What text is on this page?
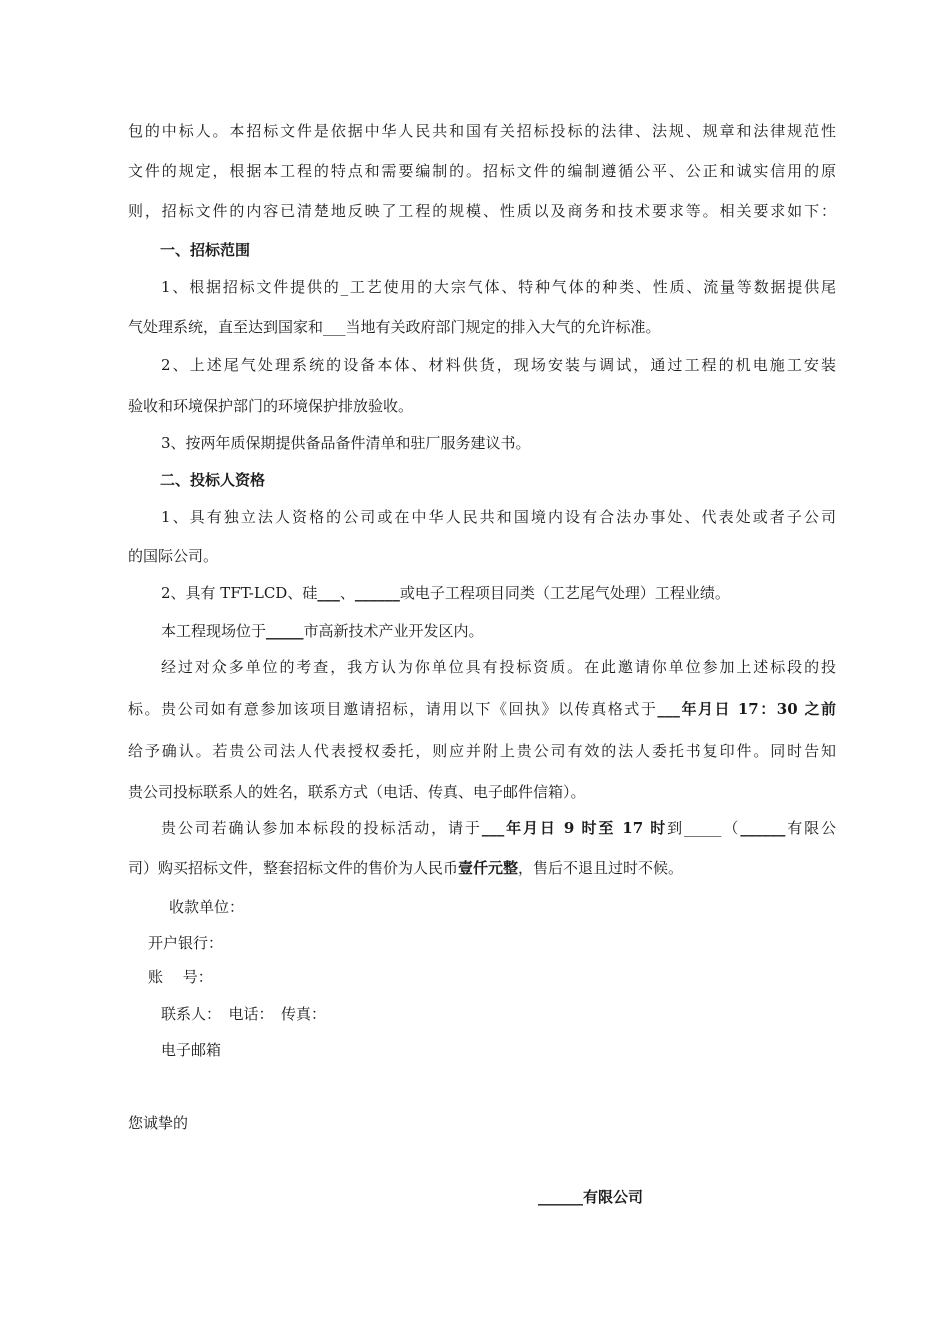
包的中标人。本招标文件是依据中华人民共和国有关招标投标的法律、法规、规章和法律规范性
文件的规定，根据本工程的特点和需要编制的。招标文件的编制遵循公平、公正和诚实信用的原
则，招标文件的内容已清楚地反映了工程的规模、性质以及商务和技术要求等。相关要求如下：
一、招标范围
1、根据招标文件提供的_工艺使用的大宗气体、特种气体的种类、性质、流量等数据提供尾
气处理系统，直至达到国家和___当地有关政府部门规定的排入大气的允许标准。
2、上述尾气处理系统的设备本体、材料供货，现场安装与调试，通过工程的机电施工安装
验收和环境保护部门的环境保护排放验收。
3、按两年质保期提供备品备件清单和驻厂服务建议书。
二、投标人资格
1、具有独立法人资格的公司或在中华人民共和国境内设有合法办事处、代表处或者子公司
的国际公司。
2、具有 TFT-LCD、硅___、______或电子工程项目同类（工艺尾气处理）工程业绩。
本工程现场位于_____市高新技术产业开发区内。
经过对众多单位的考查，我方认为你单位具有投标资质。在此邀请你单位参加上述标段的投
标。贵公司如有意参加该项目邀请招标，请用以下《回执》以传真格式于___年月日 17：30 之前
给予确认。若贵公司法人代表授权委托，则应并附上贵公司有效的法人委托书复印件。同时告知
贵公司投标联系人的姓名，联系方式（电话、传真、电子邮件信箱）。
贵公司若确认参加本标段的投标活动，请于___年月日 9 时至 17 时到_____（______有限公
司）购买招标文件，整套招标文件的售价为人民币壹仟元整，售后不退且过时不候。
收款单位：
开户银行：
账　 号：
联系人：　电话：　传真：
电子邮箱
您诚挚的
______有限公司
